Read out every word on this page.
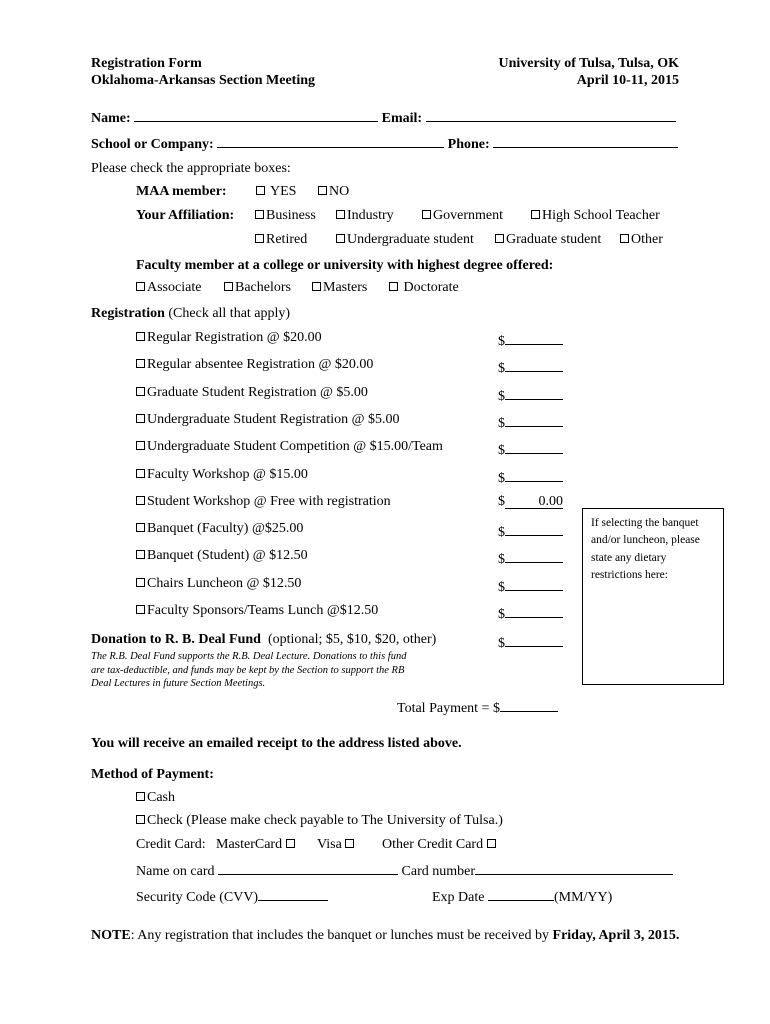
Registration Form
Oklahoma-Arkansas Section Meeting
University of Tulsa, Tulsa, OK
April 10-11, 2015
Name:	Email:
School or Company:	Phone:
Please check the appropriate boxes:
MAA member:	YES	NO
Your Affiliation:	Business	Industry	Government	High School Teacher
Retired	Undergraduate student	Graduate student	Other
Faculty member at a college or university with highest degree offered:
Associate	Bachelors	Masters	Doctorate
Registration (Check all that apply)
Regular Registration @ $20.00	$
Regular absentee Registration @ $20.00	$
Graduate Student Registration @ $5.00	$
Undergraduate Student Registration @ $5.00	$
Undergraduate Student Competition @ $15.00/Team	$
Faculty Workshop @ $15.00	$
Student Workshop @ Free with registration	$ 0.00
Banquet (Faculty) @$25.00	$
Banquet (Student) @ $12.50	$
Chairs Luncheon @ $12.50	$
Faculty Sponsors/Teams Lunch @$12.50	$
Donation to R. B. Deal Fund (optional; $5, $10, $20, other)	$
The R.B. Deal Fund supports the R.B. Deal Lecture. Donations to this fund are tax-deductible, and funds may be kept by the Section to support the RB Deal Lectures in future Section Meetings.
If selecting the banquet and/or luncheon, please state any dietary restrictions here:
Total Payment = $
You will receive an emailed receipt to the address listed above.
Method of Payment:
Cash
Check (Please make check payable to The University of Tulsa.)
Credit Card: MasterCard	Visa	Other Credit Card
Name on card	Card number
Security Code (CVV)	Exp Date	(MM/YY)
NOTE: Any registration that includes the banquet or lunches must be received by Friday, April 3, 2015.
